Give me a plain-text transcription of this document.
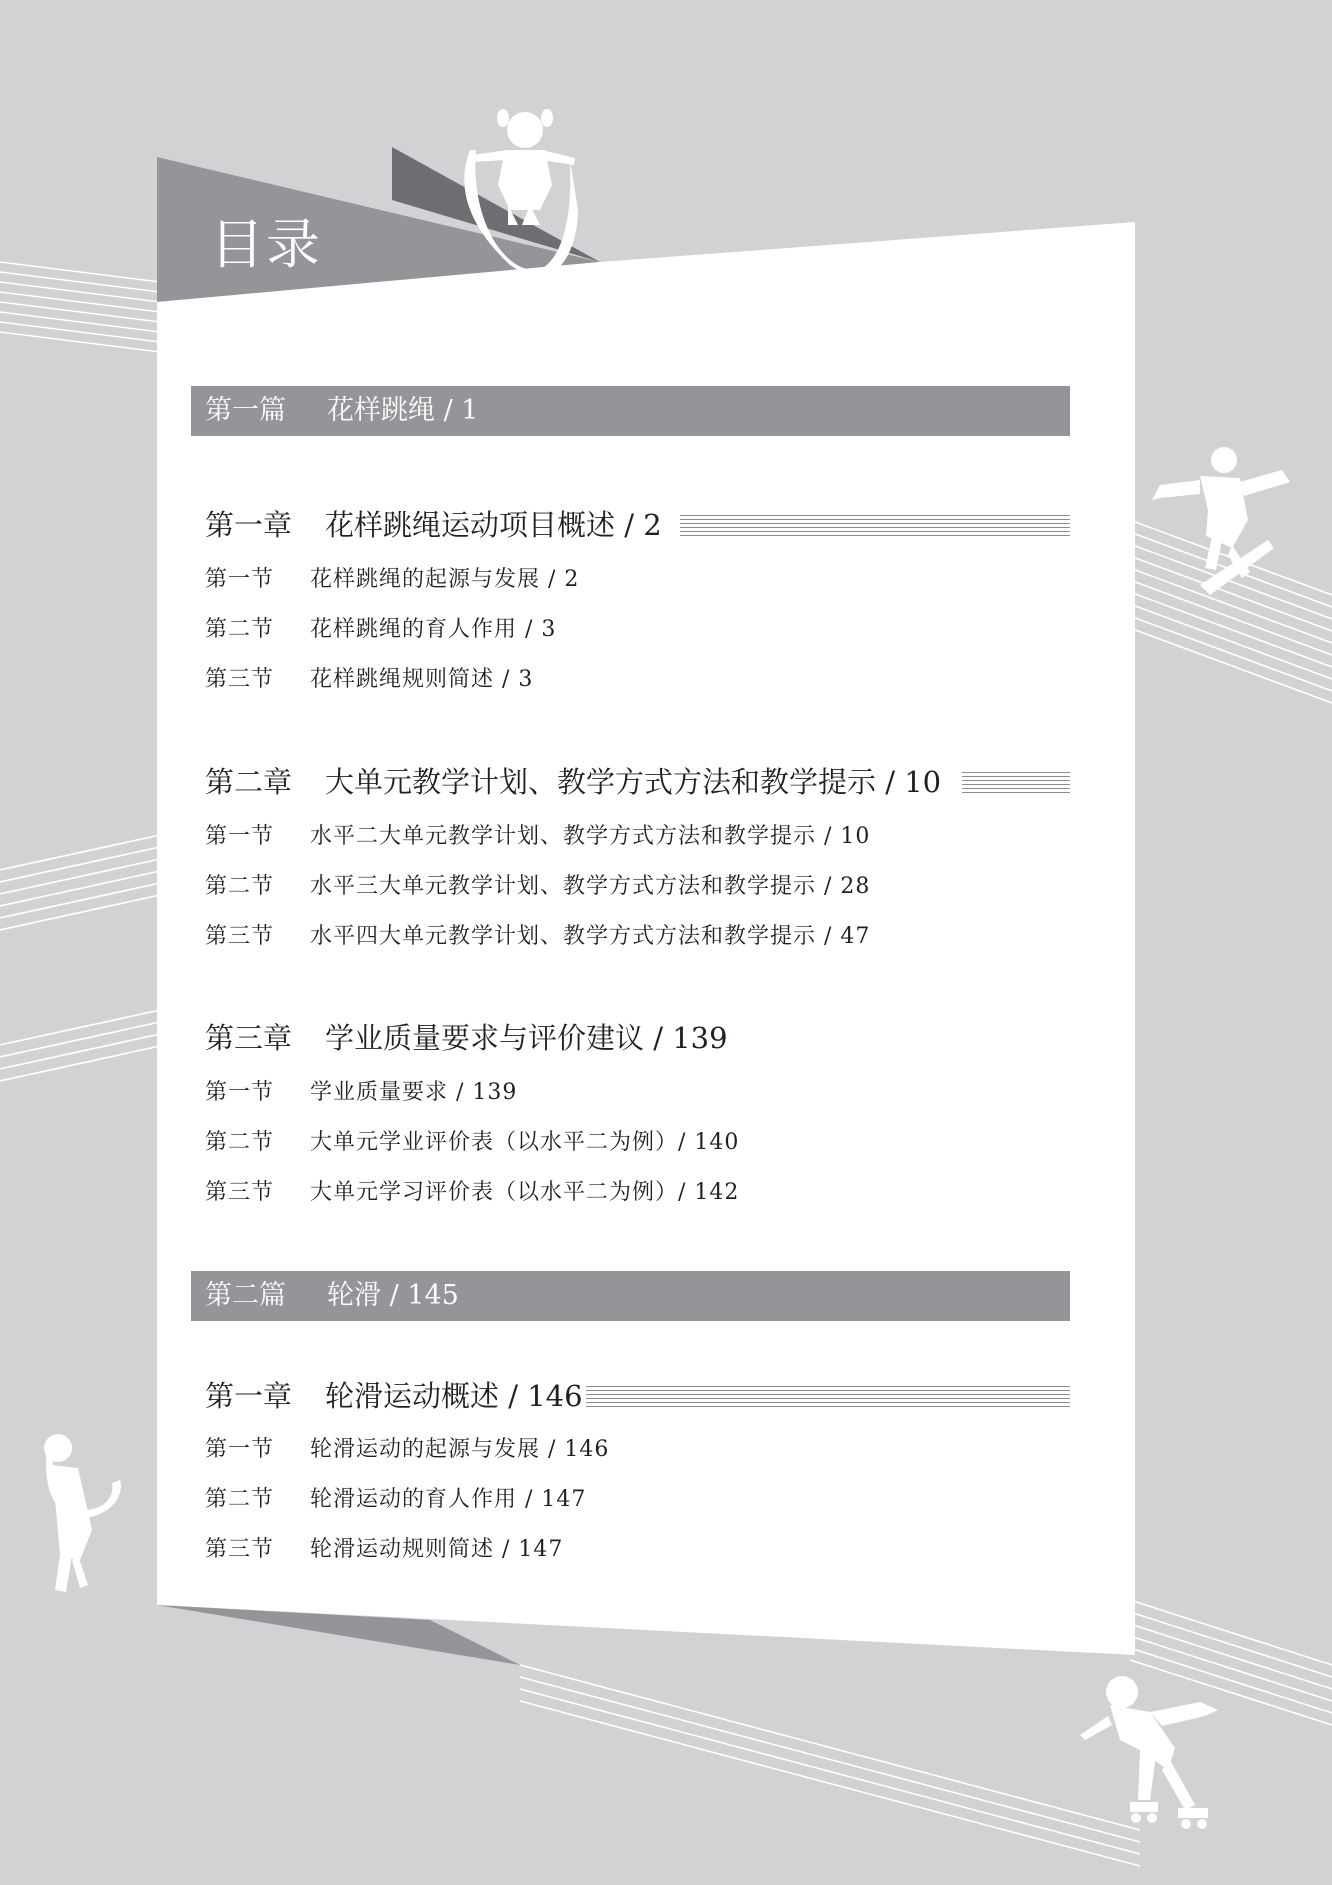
目录
第一篇 花样跳绳 / 1
第一章 花样跳绳运动项目概述 / 2
第一节 花样跳绳的起源与发展 / 2
第二节 花样跳绳的育人作用 / 3
第三节 花样跳绳规则简述 / 3
第二章 大单元教学计划、教学方式方法和教学提示 / 10
第一节 水平二大单元教学计划、教学方式方法和教学提示 / 10
第二节 水平三大单元教学计划、教学方式方法和教学提示 / 28
第三节 水平四大单元教学计划、教学方式方法和教学提示 / 47
第三章 学业质量要求与评价建议 / 139
第一节 学业质量要求 / 139
第二节 大单元学业评价表（以水平二为例）/ 140
第三节 大单元学习评价表（以水平二为例）/ 142
第二篇 轮滑 / 145
第一章 轮滑运动概述 / 146
第一节 轮滑运动的起源与发展 / 146
第二节 轮滑运动的育人作用 / 147
第三节 轮滑运动规则简述 / 147
